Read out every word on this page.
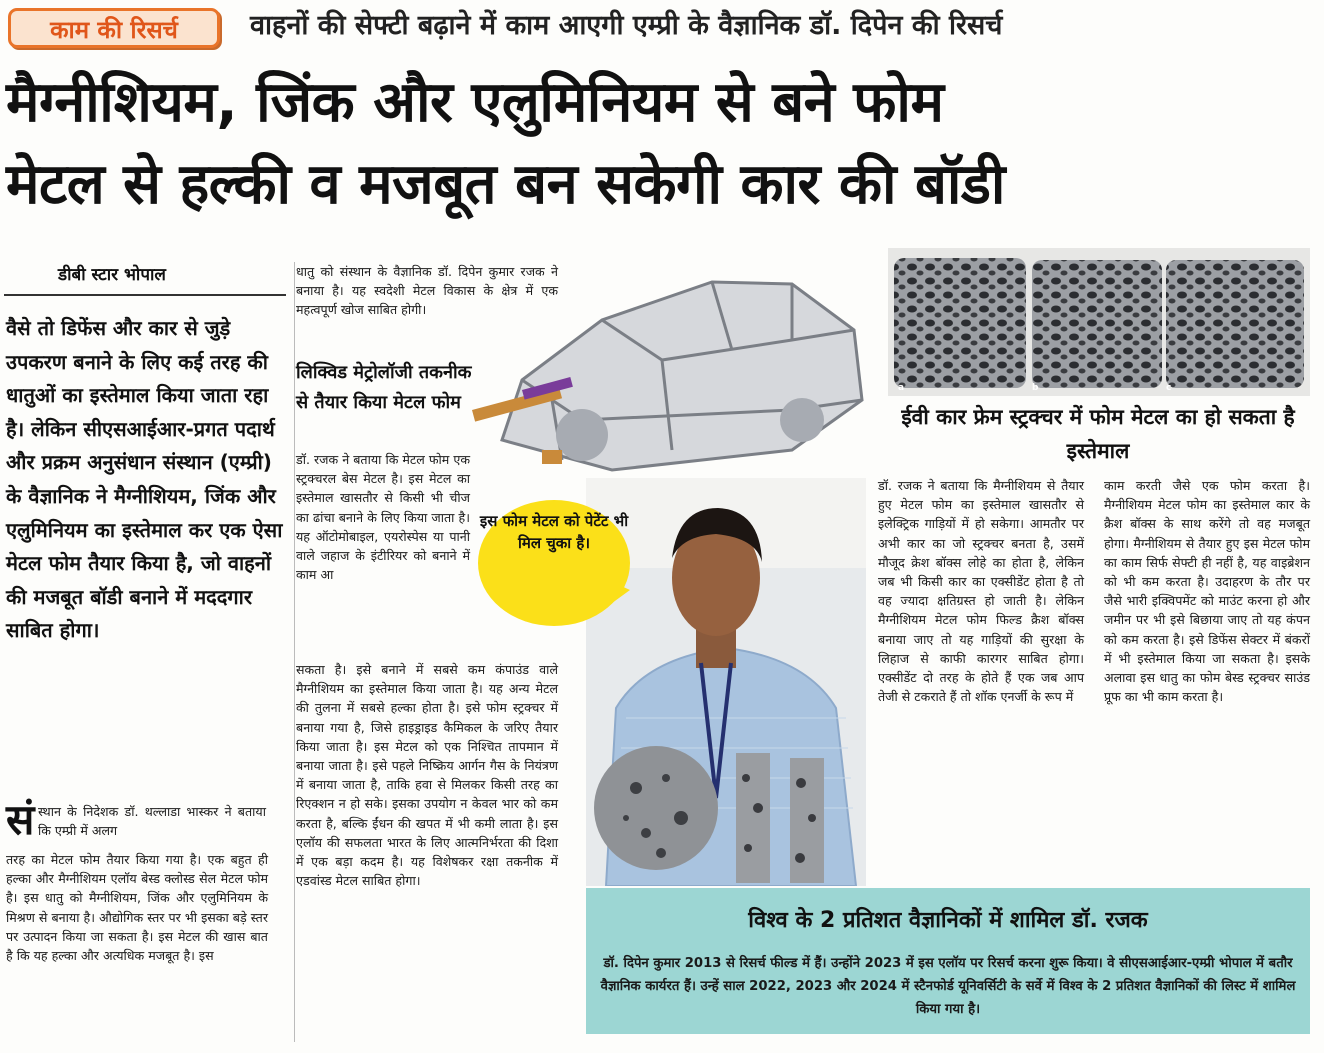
काम की रिसर्च	वाहनों की सेफ्टी बढ़ाने में काम आएगी एम्प्री के वैज्ञानिक डॉ. दिपेन की रिसर्च
मैग्नीशियम, जिंक और एलुमिनियम से बने फोम
मेटल से हल्की व मजबूत बन सकेगी कार की बॉडी
डीबी स्टार भोपाल
वैसे तो डिफेंस और कार से जुड़े उपकरण बनाने के लिए कई तरह की धातुओं का इस्तेमाल किया जाता रहा है। लेकिन सीएसआईआर-प्रगत पदार्थ और प्रक्रम अनुसंधान संस्थान (एम्प्री) के वैज्ञानिक ने मैग्नीशियम, जिंक और एलुमिनियम का इस्तेमाल कर एक ऐसा मेटल फोम तैयार किया है, जो वाहनों की मजबूत बॉडी बनाने में मददगार साबित होगा।
सं स्थान के निदेशक डॉ. थल्लाडा भास्कर ने बताया कि एम्प्री में अलग
तरह का मेटल फोम तैयार किया गया है। एक बहुत ही हल्का और मैग्नीशियम एलॉय बेस्ड क्लोस्ड सेल मेटल फोम है। इस धातु को मैग्नीशियम, जिंक और एलुमिनियम के मिश्रण से बनाया है। औद्योगिक स्तर पर भी इसका बड़े स्तर पर उत्पादन किया जा सकता है। इस मेटल की खास बात है कि यह हल्का और अत्यधिक मजबूत है। इस
धातु को संस्थान के वैज्ञानिक डॉ. दिपेन कुमार रजक ने बनाया है। यह स्वदेशी मेटल विकास के क्षेत्र में एक महत्वपूर्ण खोज साबित होगी।
लिक्विड मेट्रोलॉजी तकनीक से तैयार किया मेटल फोम
डॉ. रजक ने बताया कि मेटल फोम एक स्ट्रक्चरल बेस मेटल है। इस मेटल का इस्तेमाल खासतौर से किसी भी चीज का ढांचा बनाने के लिए किया जाता है। यह ऑटोमोबाइल, एयरोस्पेस या पानी वाले जहाज के इंटीरियर को बनाने में काम आ
सकता है। इसे बनाने में सबसे कम कंपाउंड वाले मैग्नीशियम का इस्तेमाल किया जाता है। यह अन्य मेटल की तुलना में सबसे हल्का होता है। इसे फोम स्ट्रक्चर में बनाया गया है, जिसे हाइड्राइड कैमिकल के जरिए तैयार किया जाता है। इस मेटल को एक निश्चित तापमान में बनाया जाता है। इसे पहले निष्क्रिय आर्गन गैस के नियंत्रण में बनाया जाता है, ताकि हवा से मिलकर किसी तरह का रिएक्शन न हो सके। इसका उपयोग न केवल भार को कम करता है, बल्कि ईंधन की खपत में भी कमी लाता है। इस एलॉय की सफलता भारत के लिए आत्मनिर्भरता की दिशा में एक बड़ा कदम है। यह विशेषकर रक्षा तकनीक में एडवांस्ड मेटल साबित होगा।
a	b	c
ईवी कार फ्रेम स्ट्रक्चर में फोम मेटल का हो सकता है इस्तेमाल
डॉ. रजक ने बताया कि मैग्नीशियम से तैयार हुए मेटल फोम का इस्तेमाल खासतौर से इलेक्ट्रिक गाड़ियों में हो सकेगा। आमतौर पर अभी कार का जो स्ट्रक्चर बनता है, उसमें मौजूद क्रेश बॉक्स लोहे का होता है, लेकिन जब भी किसी कार का एक्सीडेंट होता है तो वह ज्यादा क्षतिग्रस्त हो जाती है। लेकिन मैग्नीशियम मेटल फोम फिल्ड क्रैश बॉक्स बनाया जाए तो यह गाड़ियों की सुरक्षा के लिहाज से काफी कारगर साबित होगा। एक्सीडेंट दो तरह के होते हैं एक जब आप तेजी से टकराते हैं तो शॉक एनर्जी के रूप में
काम करती जैसे एक फोम करता है। मैग्नीशियम मेटल फोम का इस्तेमाल कार के क्रैश बॉक्स के साथ करेंगे तो वह मजबूत होगा। मैग्नीशियम से तैयार हुए इस मेटल फोम का काम सिर्फ सेफ्टी ही नहीं है, यह वाइब्रेशन को भी कम करता है। उदाहरण के तौर पर जैसे भारी इक्विपमेंट को माउंट करना हो और जमीन पर भी इसे बिछाया जाए तो यह कंपन को कम करता है। इसे डिफेंस सेक्टर में बंकरों में भी इस्तेमाल किया जा सकता है। इसके अलावा इस धातु का फोम बेस्ड स्ट्रक्चर साउंड प्रूफ का भी काम करता है।
इस फोम मेटल को पेटेंट भी मिल चुका है।
विश्व के 2 प्रतिशत वैज्ञानिकों में शामिल डॉ. रजक
डॉ. दिपेन कुमार 2013 से रिसर्च फील्ड में हैं। उन्होंने 2023 में इस एलॉय पर रिसर्च करना शुरू किया। वे सीएसआईआर-एम्प्री भोपाल में बतौर वैज्ञानिक कार्यरत हैं। उन्हें साल 2022, 2023 और 2024 में स्टैनफोर्ड यूनिवर्सिटी के सर्वे में विश्व के 2 प्रतिशत वैज्ञानिकों की लिस्ट में शामिल किया गया है।
